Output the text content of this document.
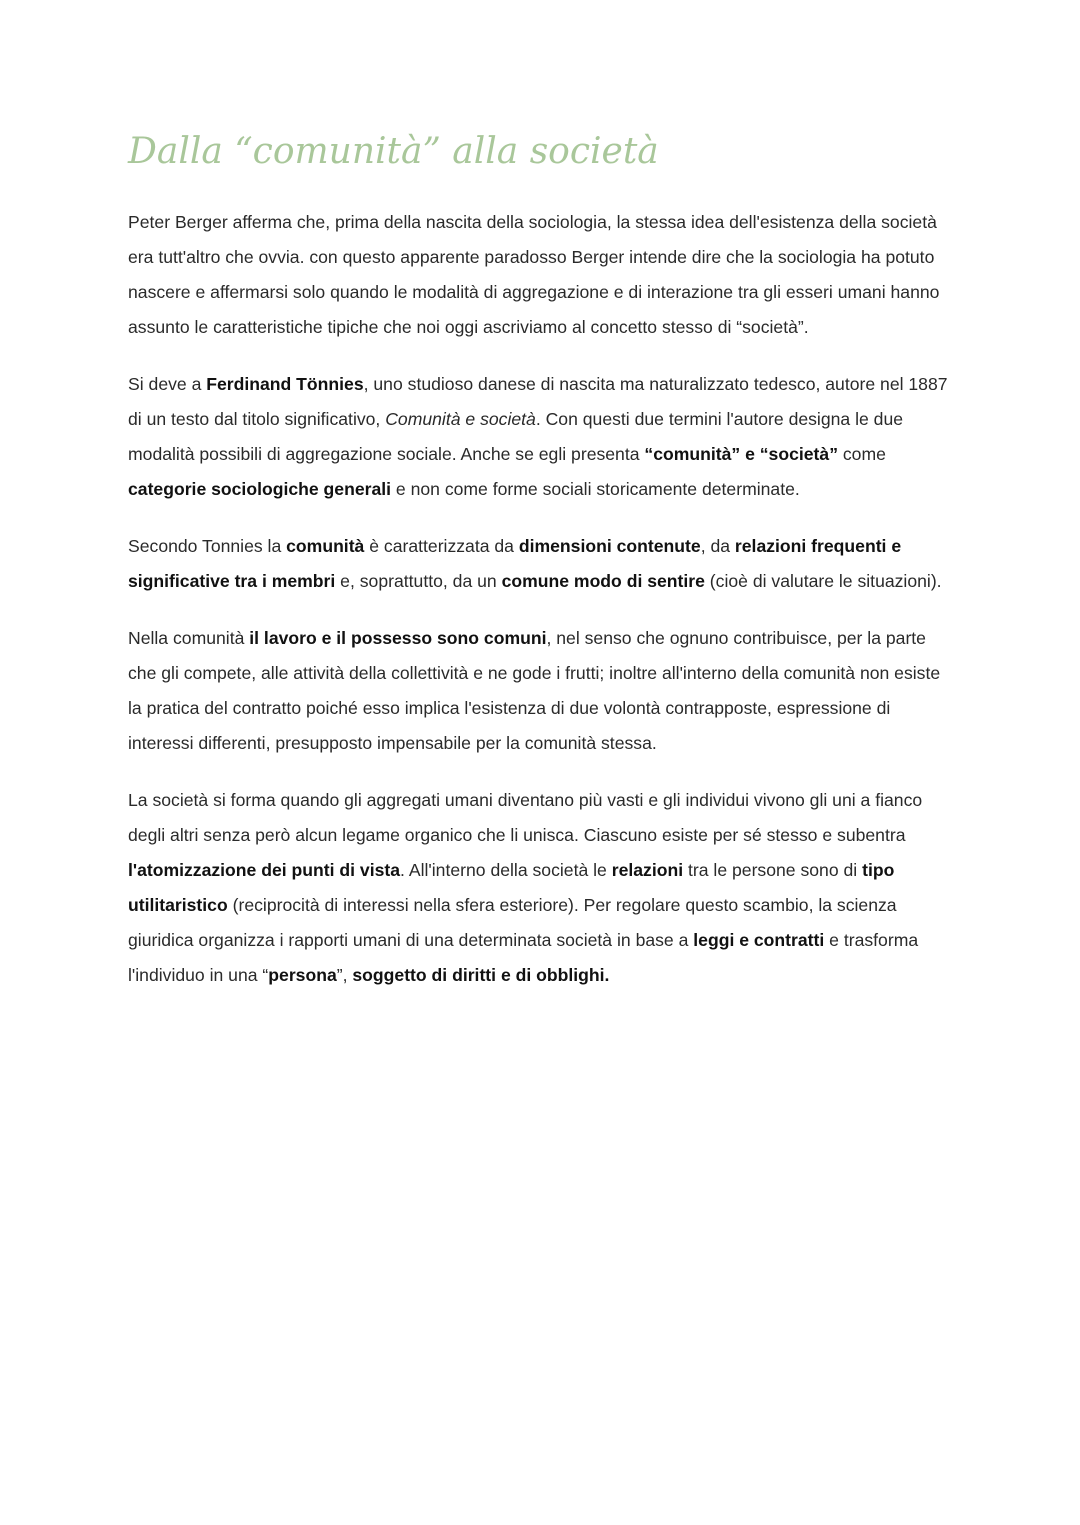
Dalla “comunità” alla società

Peter Berger afferma che, prima della nascita della sociologia, la stessa idea dell'esistenza della società era tutt'altro che ovvia. con questo apparente paradosso Berger intende dire che la sociologia ha potuto nascere e affermarsi solo quando le modalità di aggregazione e di interazione tra gli esseri umani hanno assunto le caratteristiche tipiche che noi oggi ascriviamo al concetto stesso di “società”.

Si deve a Ferdinand Tönnies, uno studioso danese di nascita ma naturalizzato tedesco, autore nel 1887 di un testo dal titolo significativo, Comunità e società. Con questi due termini l'autore designa le due modalità possibili di aggregazione sociale. Anche se egli presenta “comunità” e “società” come categorie sociologiche generali e non come forme sociali storicamente determinate.

Secondo Tonnies la comunità è caratterizzata da dimensioni contenute, da relazioni frequenti e significative tra i membri e, soprattutto, da un comune modo di sentire (cioè di valutare le situazioni).

Nella comunità il lavoro e il possesso sono comuni, nel senso che ognuno contribuisce, per la parte che gli compete, alle attività della collettività e ne gode i frutti; inoltre all'interno della comunità non esiste la pratica del contratto poiché esso implica l'esistenza di due volontà contrapposte, espressione di interessi differenti, presupposto impensabile per la comunità stessa.

La società si forma quando gli aggregati umani diventano più vasti e gli individui vivono gli uni a fianco degli altri senza però alcun legame organico che li unisca. Ciascuno esiste per sé stesso e subentra l'atomizzazione dei punti di vista. All'interno della società le relazioni tra le persone sono di tipo utilitaristico (reciprocità di interessi nella sfera esteriore). Per regolare questo scambio, la scienza giuridica organizza i rapporti umani di una determinata società in base a leggi e contratti e trasforma l'individuo in una “persona”, soggetto di diritti e di obblighi.
